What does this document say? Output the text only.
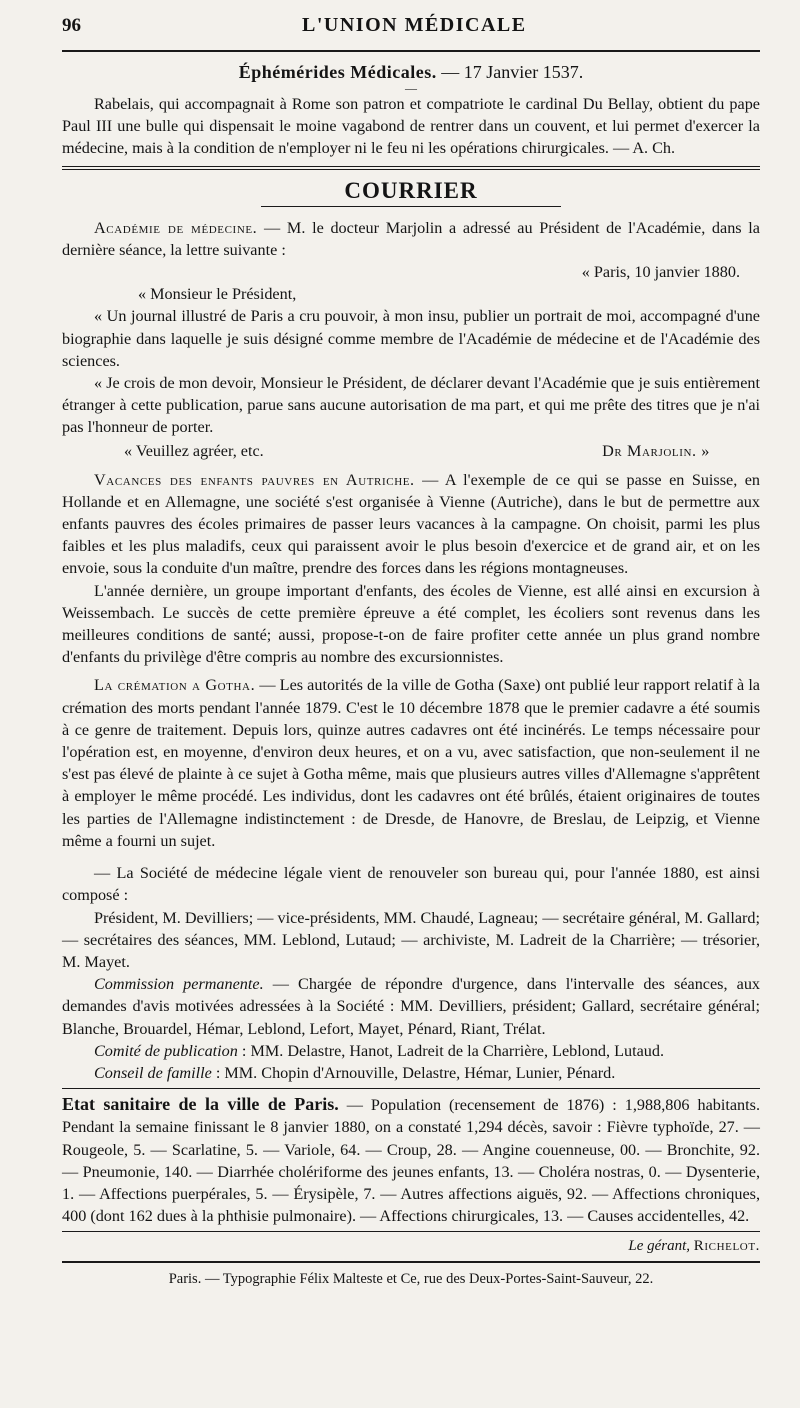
96	L'UNION MÉDICALE
Éphémérides Médicales. — 17 Janvier 1537.
—

Rabelais, qui accompagnait à Rome son patron et compatriote le cardinal Du Bellay, obtient du pape Paul III une bulle qui dispensait le moine vagabond de rentrer dans un couvent, et lui permet d'exercer la médecine, mais à la condition de n'employer ni le feu ni les opérations chirurgicales. — A. Ch.

COURRIER

Académie de médecine. — M. le docteur Marjolin a adressé au Président de l'Académie, dans la dernière séance, la lettre suivante :

« Paris, 10 janvier 1880.

« Monsieur le Président,

« Un journal illustré de Paris a cru pouvoir, à mon insu, publier un portrait de moi, accompagné d'une biographie dans laquelle je suis désigné comme membre de l'Académie de médecine et de l'Académie des sciences.

« Je crois de mon devoir, Monsieur le Président, de déclarer devant l'Académie que je suis entièrement étranger à cette publication, parue sans aucune autorisation de ma part, et qui me prête des titres que je n'ai pas l'honneur de porter.

« Veuillez agréer, etc.	Dr Marjolin. »

Vacances des enfants pauvres en Autriche. — A l'exemple de ce qui se passe en Suisse, en Hollande et en Allemagne, une société s'est organisée à Vienne (Autriche), dans le but de permettre aux enfants pauvres des écoles primaires de passer leurs vacances à la campagne. On choisit, parmi les plus faibles et les plus maladifs, ceux qui paraissent avoir le plus besoin d'exercice et de grand air, et on les envoie, sous la conduite d'un maître, prendre des forces dans les régions montagneuses.

L'année dernière, un groupe important d'enfants, des écoles de Vienne, est allé ainsi en excursion à Weissembach. Le succès de cette première épreuve a été complet, les écoliers sont revenus dans les meilleures conditions de santé; aussi, propose-t-on de faire profiter cette année un plus grand nombre d'enfants du privilège d'être compris au nombre des excursionnistes.

La crémation a Gotha. — Les autorités de la ville de Gotha (Saxe) ont publié leur rapport relatif à la crémation des morts pendant l'année 1879. C'est le 10 décembre 1878 que le premier cadavre a été soumis à ce genre de traitement. Depuis lors, quinze autres cadavres ont été incinérés. Le temps nécessaire pour l'opération est, en moyenne, d'environ deux heures, et on a vu, avec satisfaction, que non-seulement il ne s'est pas élevé de plainte à ce sujet à Gotha même, mais que plusieurs autres villes d'Allemagne s'apprêtent à employer le même procédé. Les individus, dont les cadavres ont été brûlés, étaient originaires de toutes les parties de l'Allemagne indistinctement : de Dresde, de Hanovre, de Breslau, de Leipzig, et Vienne même a fourni un sujet.

— La Société de médecine légale vient de renouveler son bureau qui, pour l'année 1880, est ainsi composé :

Président, M. Devilliers; — vice-présidents, MM. Chaudé, Lagneau; — secrétaire général, M. Gallard; — secrétaires des séances, MM. Leblond, Lutaud; — archiviste, M. Ladreit de la Charrière; — trésorier, M. Mayet.

Commission permanente. — Chargée de répondre d'urgence, dans l'intervalle des séances, aux demandes d'avis motivées adressées à la Société : MM. Devilliers, président; Gallard, secrétaire général; Blanche, Brouardel, Hémar, Leblond, Lefort, Mayet, Pénard, Riant, Trélat.

Comité de publication : MM. Delastre, Hanot, Ladreit de la Charrière, Leblond, Lutaud.

Conseil de famille : MM. Chopin d'Arnouville, Delastre, Hémar, Lunier, Pénard.

Etat sanitaire de la ville de Paris. — Population (recensement de 1876) : 1,988,806 habitants. Pendant la semaine finissant le 8 janvier 1880, on a constaté 1,294 décès, savoir : Fièvre typhoïde, 27. — Rougeole, 5. — Scarlatine, 5. — Variole, 64. — Croup, 28. — Angine couenneuse, 00. — Bronchite, 92. — Pneumonie, 140. — Diarrhée cholériforme des jeunes enfants, 13. — Choléra nostras, 0. — Dysenterie, 1. — Affections puerpérales, 5. — Érysipèle, 7. — Autres affections aiguës, 92. — Affections chroniques, 400 (dont 162 dues à la phthisie pulmonaire). — Affections chirurgicales, 13. — Causes accidentelles, 42.

Le gérant, Richelot.
Paris. — Typographie Félix Malteste et Ce, rue des Deux-Portes-Saint-Sauveur, 22.
